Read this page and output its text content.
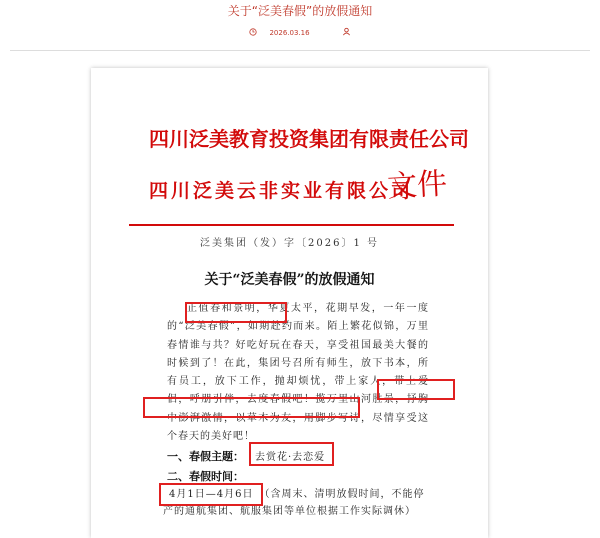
关于“泛美春假”的放假通知
2026.03.16
四川泛美教育投资集团有限责任公司
四川泛美云非实业有限公司
文件
泛美集团（发）字〔2026〕1 号
关于“泛美春假”的放假通知
正值春和景明，华夏太平，花期早发，一年一度的“泛美春假”，如期赴约而来。陌上繁花似锦，万里春情谁与共？好吃好玩在春天，享受祖国最美大餐的时候到了！在此，集团号召所有师生，放下书本，所有员工，放下工作，抛却烦忧，带上家人，带上爱侣，呼朋引伴，去度春假吧！揽万里山河胜景，抒胸中澎湃激情，以草木为友，用脚步写诗，尽情享受这个春天的美好吧！
一、春假主题： 去赏花·去恋爱
二、春假时间：
4月1日—4月6日 （含周末、清明放假时间，不能停产的通航集团、航服集团等单位根据工作实际调休）
